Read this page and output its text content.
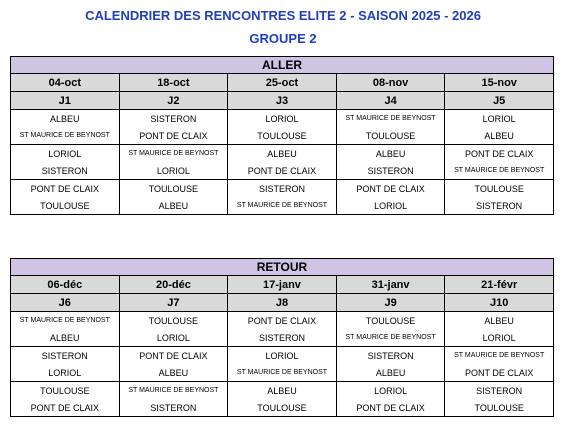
CALENDRIER DES RENCONTRES ELITE 2 - SAISON 2025 - 2026
GROUPE 2
ALLER				
04-oct	18-oct	25-oct	08-nov	15-nov
J1	J2	J3	J4	J5
ALBEU	SISTERON	LORIOL	ST MAURICE DE BEYNOST	LORIOL
ST MAURICE DE BEYNOST	PONT DE CLAIX	TOULOUSE	TOULOUSE	ALBEU
LORIOL	ST MAURICE DE BEYNOST	ALBEU	ALBEU	PONT DE CLAIX
SISTERON	LORIOL	PONT DE CLAIX	SISTERON	ST MAURICE DE BEYNOST
PONT DE CLAIX	TOULOUSE	SISTERON	PONT DE CLAIX	TOULOUSE
TOULOUSE	ALBEU	ST MAURICE DE BEYNOST	LORIOL	SISTERON
RETOUR				
06-déc	20-déc	17-janv	31-janv	21-févr
J6	J7	J8	J9	J10
ST MAURICE DE BEYNOST	TOULOUSE	PONT DE CLAIX	TOULOUSE	ALBEU
ALBEU	LORIOL	SISTERON	ST MAURICE DE BEYNOST	LORIOL
SISTERON	PONT DE CLAIX	LORIOL	SISTERON	ST MAURICE DE BEYNOST
LORIOL	ALBEU	ST MAURICE DE BEYNOST	ALBEU	PONT DE CLAIX
TOULOUSE	ST MAURICE DE BEYNOST	ALBEU	LORIOL	SISTERON
PONT DE CLAIX	SISTERON	TOULOUSE	PONT DE CLAIX	TOULOUSE
